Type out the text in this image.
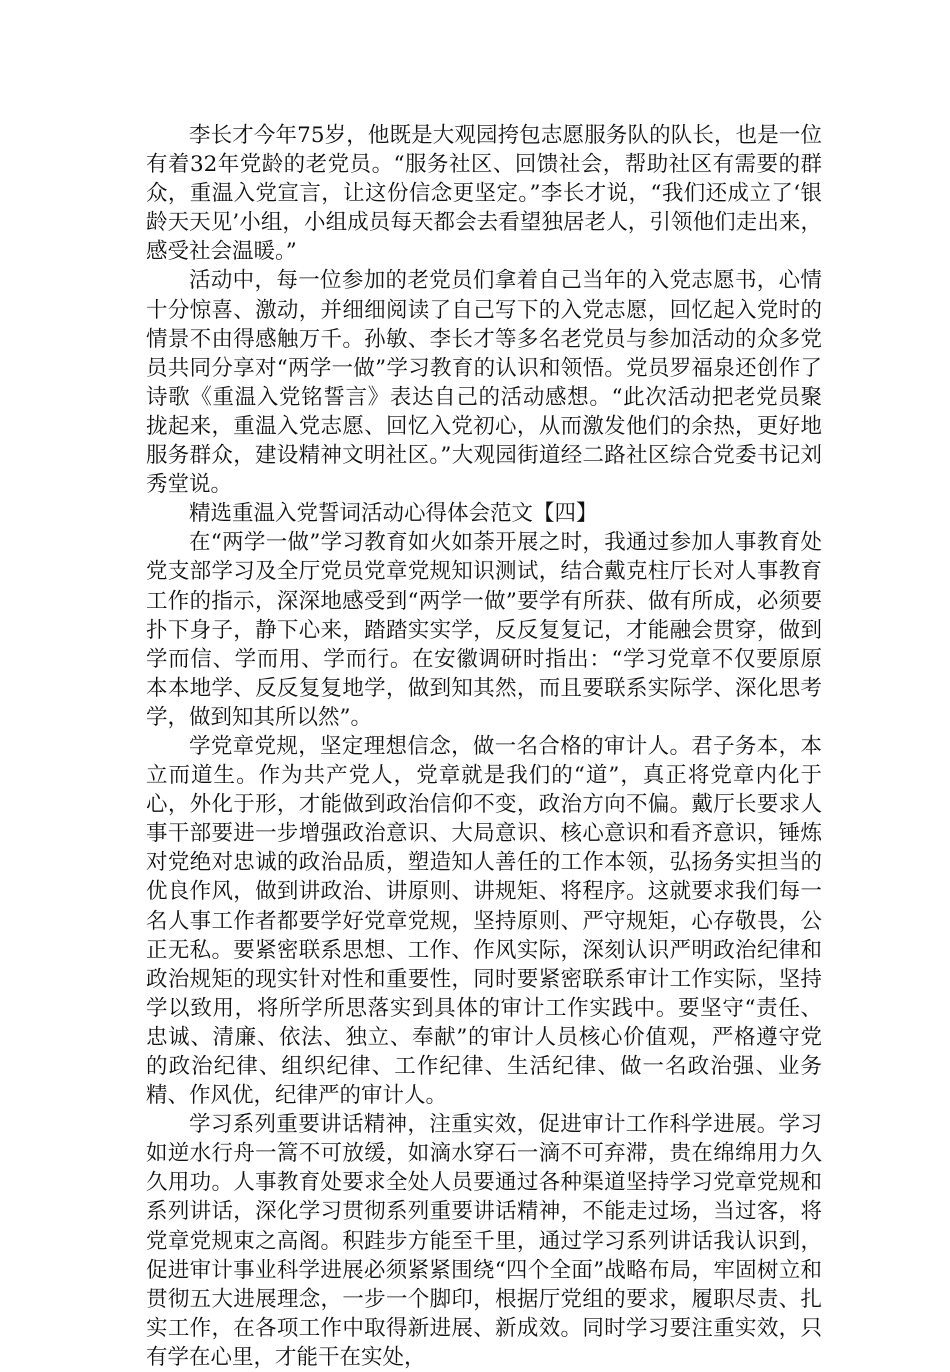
李长才今年75岁，他既是大观园挎包志愿服务队的队长，也是一位有着32年党龄的老党员。“服务社区、回馈社会，帮助社区有需要的群众，重温入党宣言，让这份信念更坚定。”李长才说，“我们还成立了‘银龄天天见’小组，小组成员每天都会去看望独居老人，引领他们走出来，感受社会温暖。”

活动中，每一位参加的老党员们拿着自己当年的入党志愿书，心情十分惊喜、激动，并细细阅读了自己写下的入党志愿，回忆起入党时的情景不由得感触万千。孙敏、李长才等多名老党员与参加活动的众多党员共同分享对“两学一做”学习教育的认识和领悟。党员罗福泉还创作了诗歌《重温入党铭誓言》表达自己的活动感想。“此次活动把老党员聚拢起来，重温入党志愿、回忆入党初心，从而激发他们的余热，更好地服务群众，建设精神文明社区。”大观园街道经二路社区综合党委书记刘秀堂说。

精选重温入党誓词活动心得体会范文【四】

在“两学一做”学习教育如火如荼开展之时，我通过参加人事教育处党支部学习及全厅党员党章党规知识测试，结合戴克柱厅长对人事教育工作的指示，深深地感受到“两学一做”要学有所获、做有所成，必须要扑下身子，静下心来，踏踏实实学，反反复复记，才能融会贯穿，做到学而信、学而用、学而行。在安徽调研时指出：“学习党章不仅要原原本本地学、反反复复地学，做到知其然，而且要联系实际学、深化思考学，做到知其所以然”。

学党章党规，坚定理想信念，做一名合格的审计人。君子务本，本立而道生。作为共产党人，党章就是我们的“道”，真正将党章内化于心，外化于形，才能做到政治信仰不变，政治方向不偏。戴厅长要求人事干部要进一步增强政治意识、大局意识、核心意识和看齐意识，锤炼对党绝对忠诚的政治品质，塑造知人善任的工作本领，弘扬务实担当的优良作风，做到讲政治、讲原则、讲规矩、将程序。这就要求我们每一名人事工作者都要学好党章党规，坚持原则、严守规矩，心存敬畏，公正无私。要紧密联系思想、工作、作风实际，深刻认识严明政治纪律和政治规矩的现实针对性和重要性，同时要紧密联系审计工作实际，坚持学以致用，将所学所思落实到具体的审计工作实践中。要坚守“责任、忠诚、清廉、依法、独立、奉献”的审计人员核心价值观，严格遵守党的政治纪律、组织纪律、工作纪律、生活纪律、做一名政治强、业务精、作风优，纪律严的审计人。

学习系列重要讲话精神，注重实效，促进审计工作科学进展。学习如逆水行舟一篙不可放缓，如滴水穿石一滴不可弃滞，贵在绵绵用力久久用功。人事教育处要求全处人员要通过各种渠道坚持学习党章党规和系列讲话，深化学习贯彻系列重要讲话精神，不能走过场，当过客，将党章党规束之高阁。积跬步方能至千里，通过学习系列讲话我认识到，促进审计事业科学进展必须紧紧围绕“四个全面”战略布局，牢固树立和贯彻五大进展理念，一步一个脚印，根据厅党组的要求，履职尽责、扎实工作，在各项工作中取得新进展、新成效。同时学习要注重实效，只有学在心里，才能干在实处，
